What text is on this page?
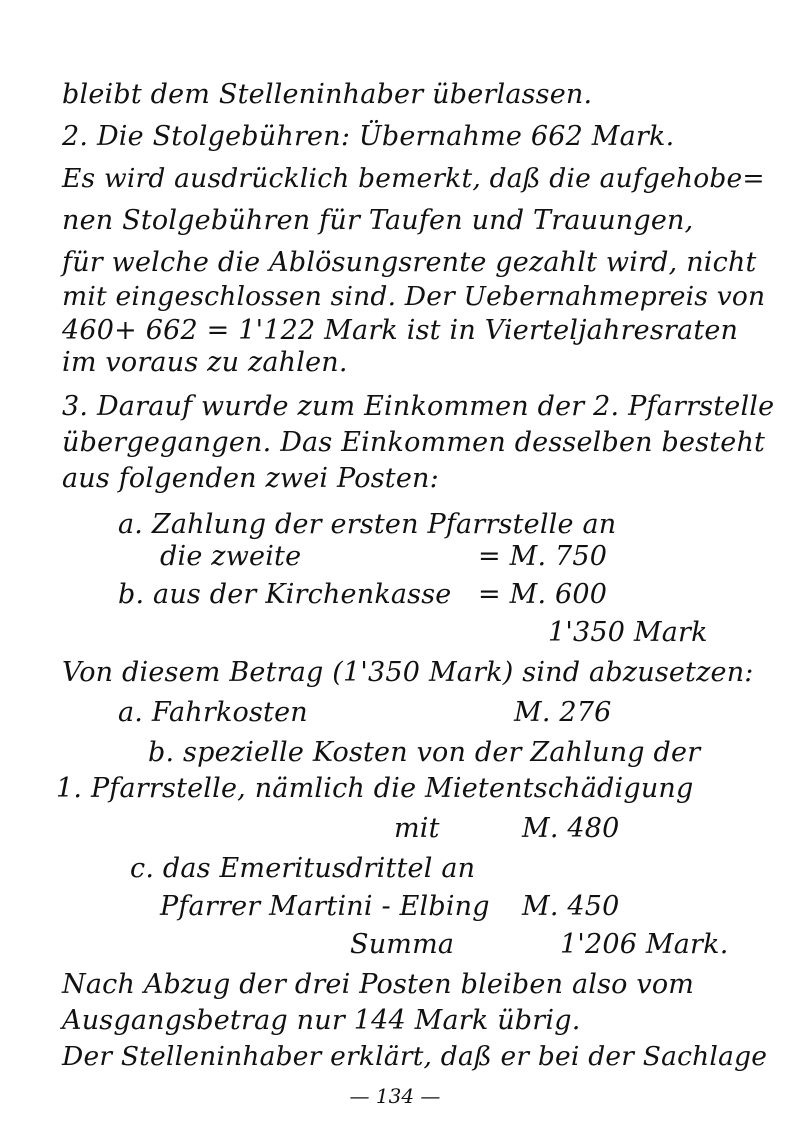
bleibt dem Stelleninhaber überlassen.
2. Die Stolgebühren: Übernahme 662 Mark.
Es wird ausdrücklich bemerkt, daß die aufgehobe=
nen Stolgebühren für Taufen und Trauungen,
für welche die Ablösungsrente gezahlt wird, nicht
mit eingeschlossen sind. Der Uebernahmepreis von
460+ 662 = 1'122 Mark ist in Vierteljahresraten
im voraus zu zahlen.
3. Darauf wurde zum Einkommen der 2. Pfarrstelle
übergegangen. Das Einkommen desselben besteht
aus folgenden zwei Posten:
a. Zahlung der ersten Pfarrstelle an
die zweite	= M. 750
b. aus der Kirchenkasse = M. 600
1'350 Mark
Von diesem Betrag (1'350 Mark) sind abzusetzen:
a. Fahrkosten	M. 276
b. spezielle Kosten von der Zahlung der
1. Pfarrstelle, nämlich die Mietentschädigung
mit	M. 480
c. das Emeritusdrittel an
Pfarrer Martini - Elbing M. 450
Summa	1'206 Mark.
Nach Abzug der drei Posten bleiben also vom
Ausgangsbetrag nur 144 Mark übrig.
Der Stelleninhaber erklärt, daß er bei der Sachlage
— 134 —
